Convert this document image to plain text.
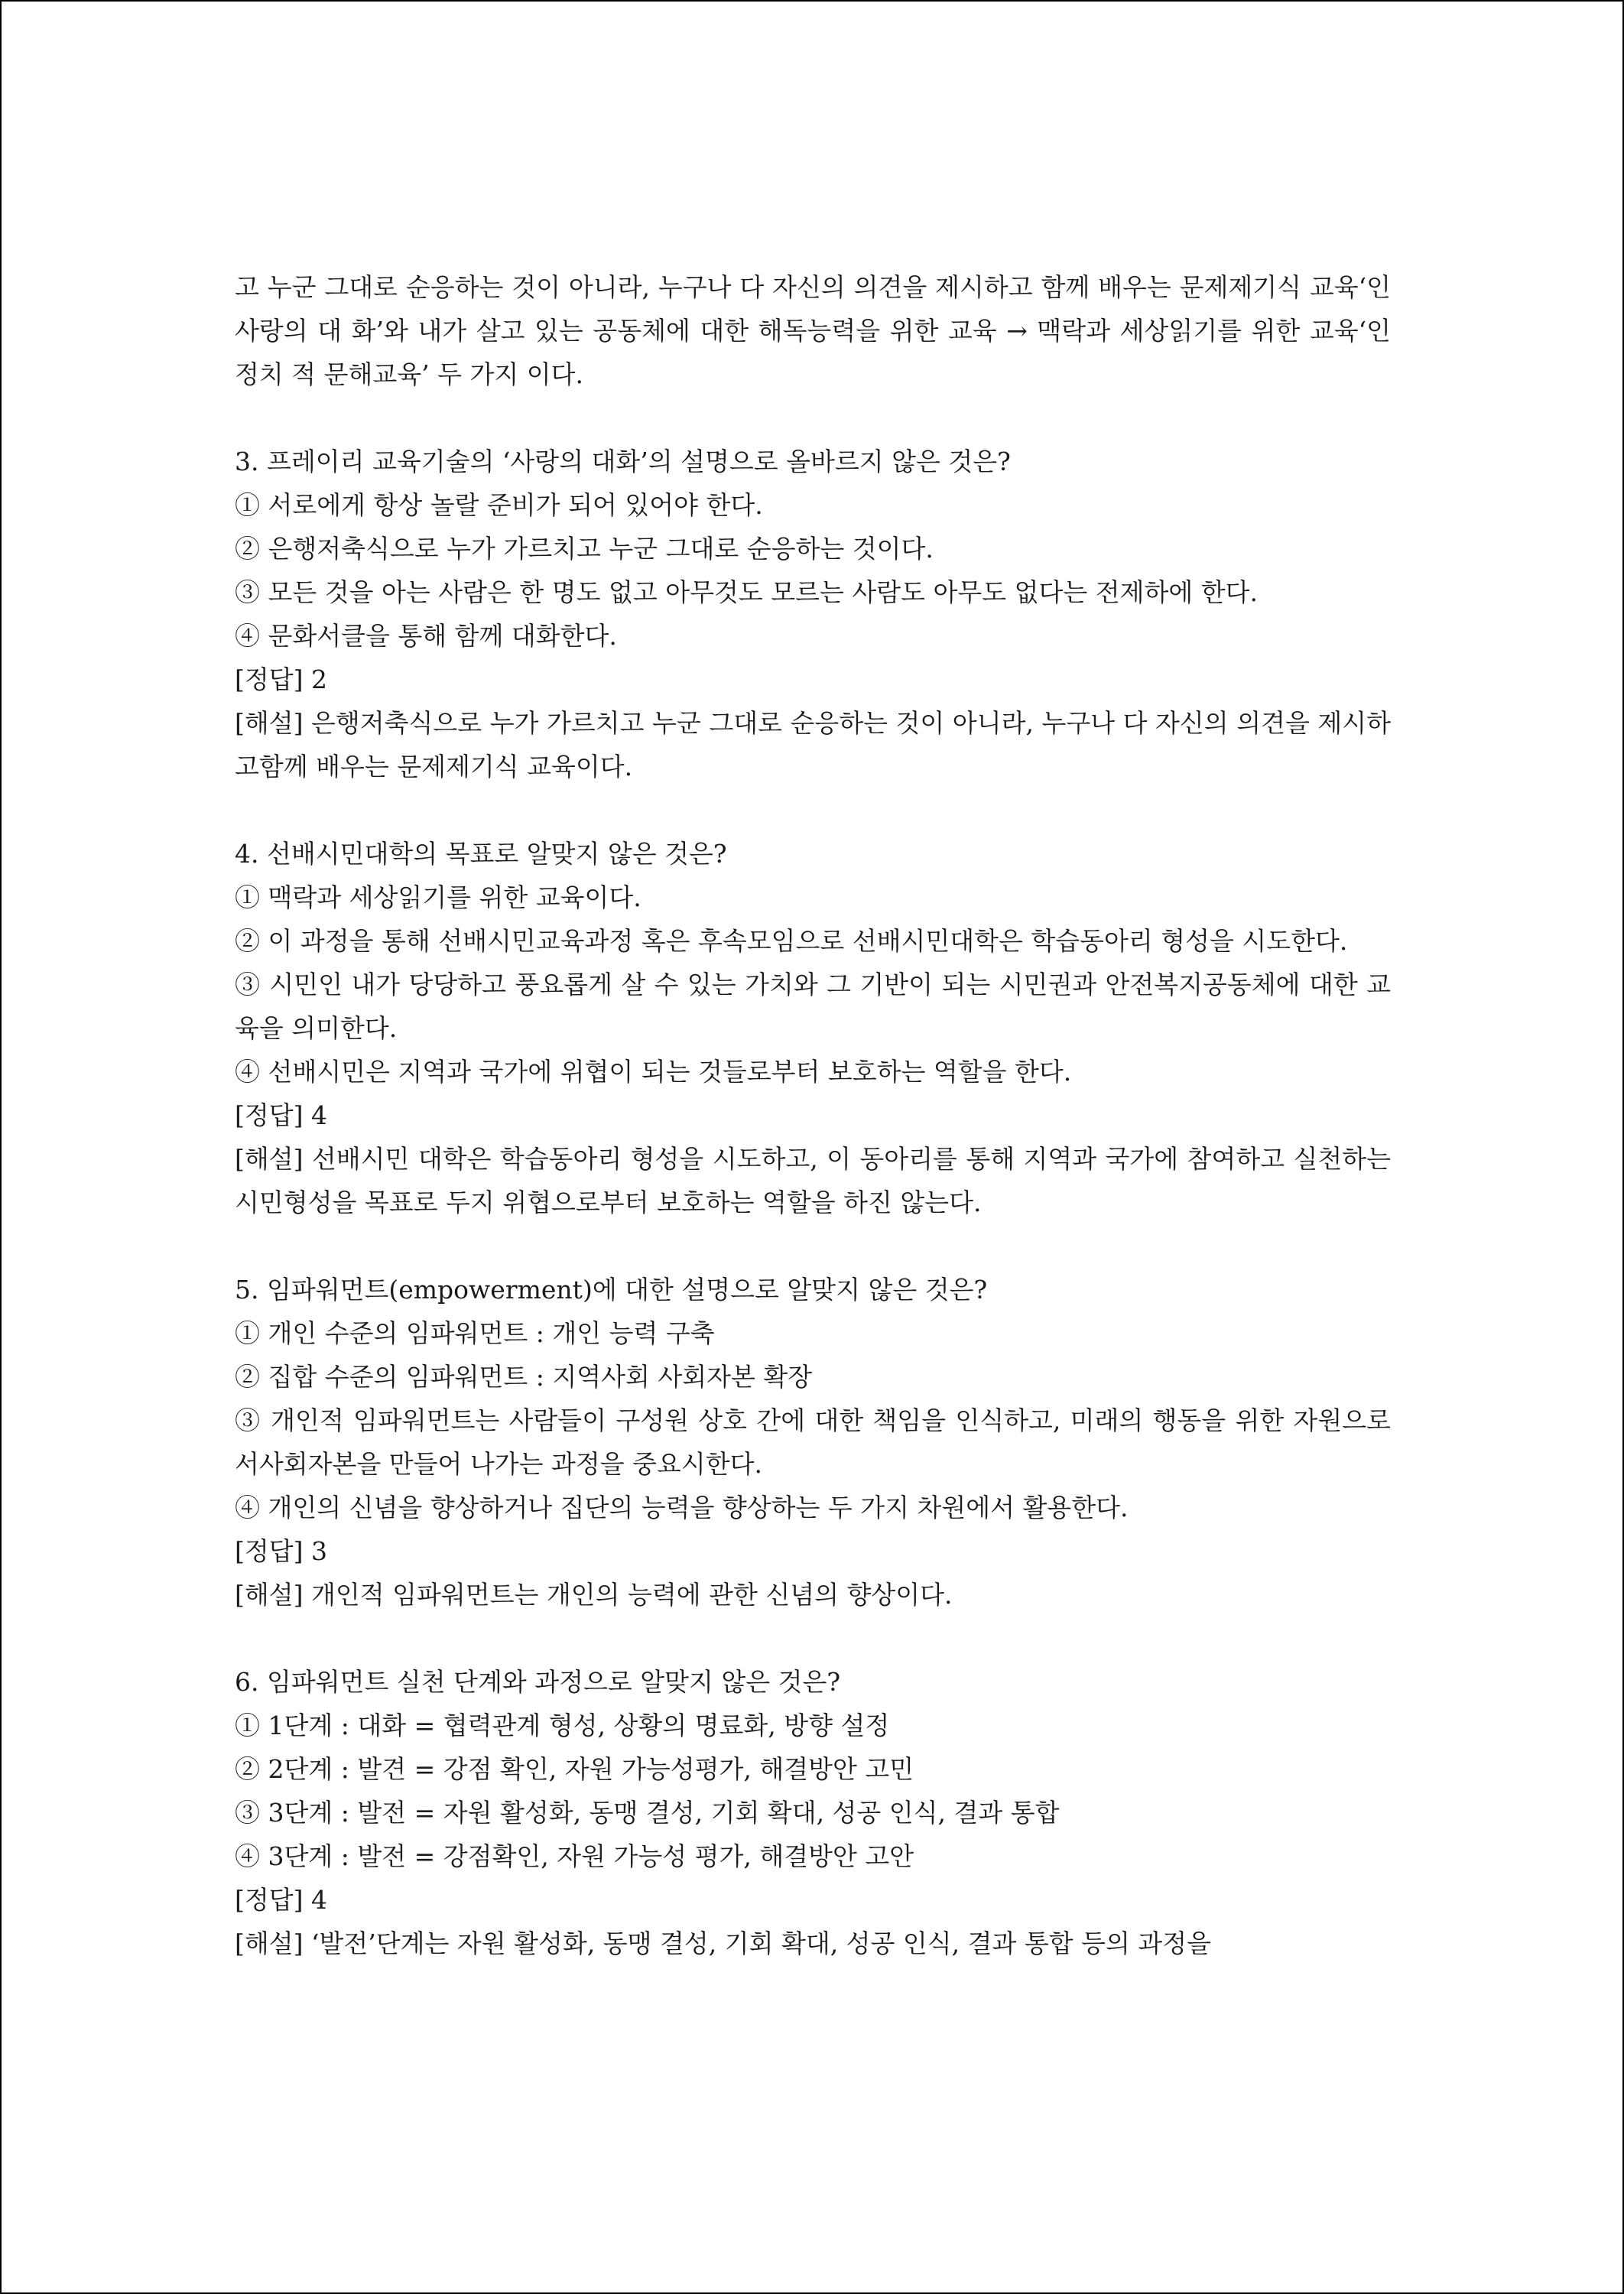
고 누군 그대로 순응하는 것이 아니라, 누구나 다 자신의 의견을 제시하고 함께 배우는 문제제기식 교육‘인 사랑의 대 화’와 내가 살고 있는 공동체에 대한 해독능력을 위한 교육 → 맥락과 세상읽기를 위한 교육‘인 정치 적 문해교육’ 두 가지 이다.

3. 프레이리 교육기술의 ‘사랑의 대화’의 설명으로 올바르지 않은 것은?

① 서로에게 항상 놀랄 준비가 되어 있어야 한다.

② 은행저축식으로 누가 가르치고 누군 그대로 순응하는 것이다.

③ 모든 것을 아는 사람은 한 명도 없고 아무것도 모르는 사람도 아무도 없다는 전제하에 한다.

④ 문화서클을 통해 함께 대화한다.

[정답] 2

[해설] 은행저축식으로 누가 가르치고 누군 그대로 순응하는 것이 아니라, 누구나 다 자신의 의견을 제시하고함께 배우는 문제제기식 교육이다.

4. 선배시민대학의 목표로 알맞지 않은 것은?

① 맥락과 세상읽기를 위한 교육이다.

② 이 과정을 통해 선배시민교육과정 혹은 후속모임으로 선배시민대학은 학습동아리 형성을 시도한다.

③ 시민인 내가 당당하고 풍요롭게 살 수 있는 가치와 그 기반이 되는 시민권과 안전복지공동체에 대한 교육을 의미한다.

④ 선배시민은 지역과 국가에 위협이 되는 것들로부터 보호하는 역할을 한다.

[정답] 4

[해설] 선배시민 대학은 학습동아리 형성을 시도하고, 이 동아리를 통해 지역과 국가에 참여하고 실천하는 시민형성을 목표로 두지 위협으로부터 보호하는 역할을 하진 않는다.

5. 임파워먼트(empowerment)에 대한 설명으로 알맞지 않은 것은?

① 개인 수준의 임파워먼트 : 개인 능력 구축

② 집합 수준의 임파워먼트 : 지역사회 사회자본 확장

③ 개인적 임파워먼트는 사람들이 구성원 상호 간에 대한 책임을 인식하고, 미래의 행동을 위한 자원으로서사회자본을 만들어 나가는 과정을 중요시한다.

④ 개인의 신념을 향상하거나 집단의 능력을 향상하는 두 가지 차원에서 활용한다.

[정답] 3

[해설] 개인적 임파워먼트는 개인의 능력에 관한 신념의 향상이다.

6. 임파워먼트 실천 단계와 과정으로 알맞지 않은 것은?

① 1단계 : 대화 = 협력관계 형성, 상황의 명료화, 방향 설정

② 2단계 : 발견 = 강점 확인, 자원 가능성평가, 해결방안 고민

③ 3단계 : 발전 = 자원 활성화, 동맹 결성, 기회 확대, 성공 인식, 결과 통합

④ 3단계 : 발전 = 강점확인, 자원 가능성 평가, 해결방안 고안

[정답] 4

[해설] ‘발전’단계는 자원 활성화, 동맹 결성, 기회 확대, 성공 인식, 결과 통합 등의 과정을
